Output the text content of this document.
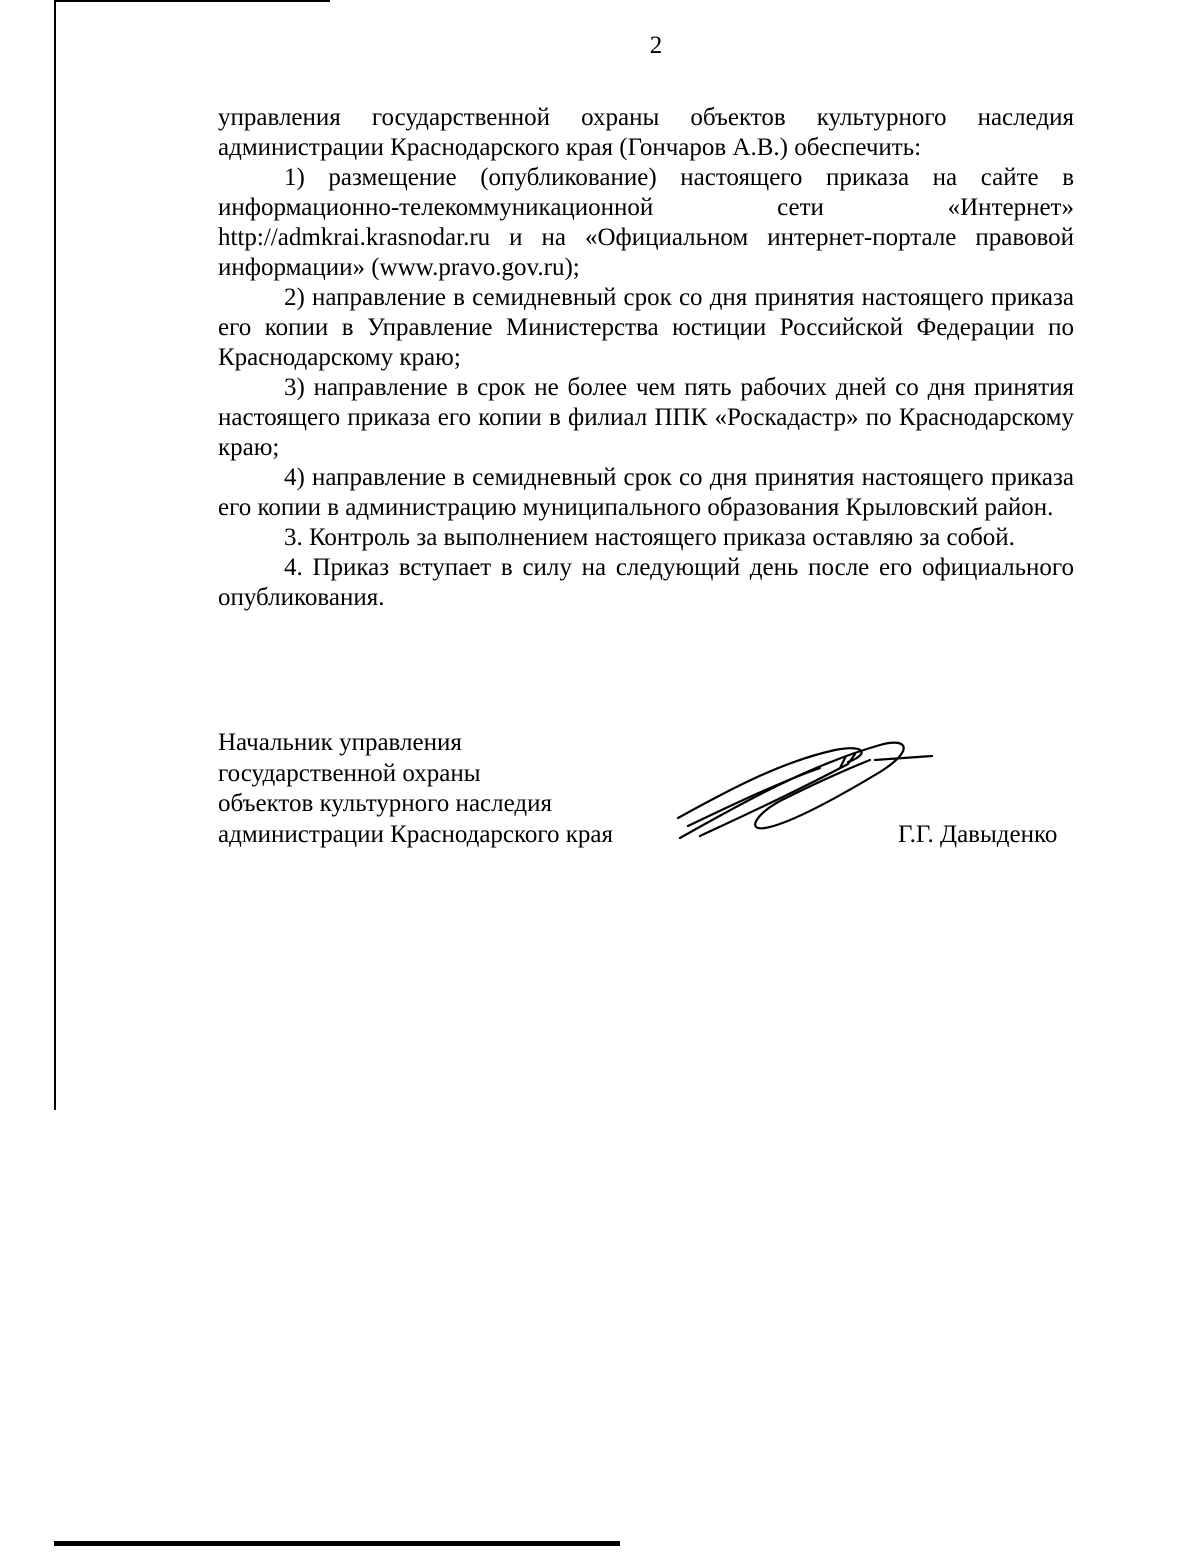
2

управления государственной охраны объектов культурного наследия администрации Краснодарского края (Гончаров А.В.) обеспечить:

1) размещение (опубликование) настоящего приказа на сайте в информационно-телекоммуникационной сети «Интернет» http://admkrai.krasnodar.ru и на «Официальном интернет-портале правовой информации» (www.pravo.gov.ru);

2) направление в семидневный срок со дня принятия настоящего приказа его копии в Управление Министерства юстиции Российской Федерации по Краснодарскому краю;

3) направление в срок не более чем пять рабочих дней со дня принятия настоящего приказа его копии в филиал ППК «Роскадастр» по Краснодарскому краю;

4) направление в семидневный срок со дня принятия настоящего приказа его копии в администрацию муниципального образования Крыловский район.

3. Контроль за выполнением настоящего приказа оставляю за собой.

4. Приказ вступает в силу на следующий день после его официального опубликования.

Начальник управления
государственной охраны
объектов культурного наследия
администрации Краснодарского края	Г.Г. Давыденко
